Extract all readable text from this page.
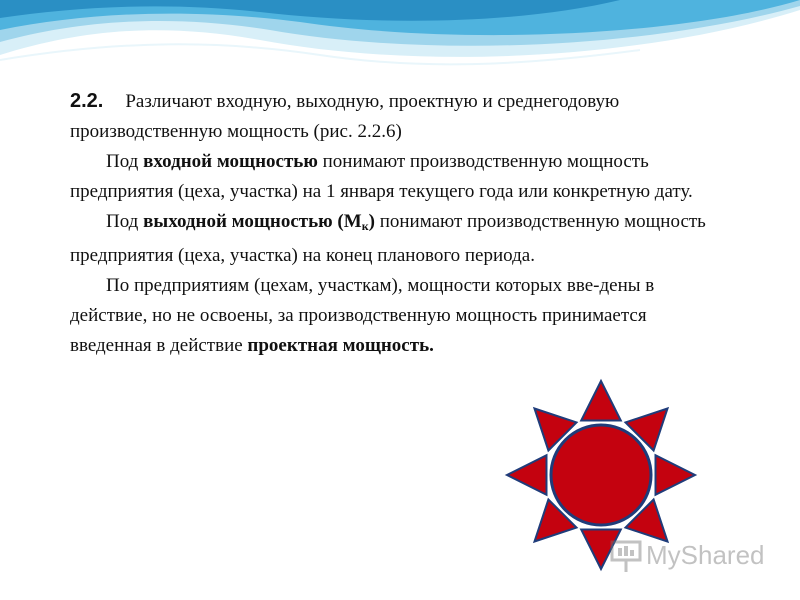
2.2. Различают входную, выходную, проектную и среднегодовую производственную мощность (рис. 2.2.6)

Под входной мощностью понимают производственную мощность предприятия (цеха, участка) на 1 января текущего года или конкретную дату.

Под выходной мощностью $(М_к)$ понимают производственную мощность предприятия (цеха, участка) на конец планового периода.

По предприятиям (цехам, участкам), мощности которых вве-дены в действие, но не освоены, за производственную мощность принимается введенная в действие проектная мощность.

MyShared
